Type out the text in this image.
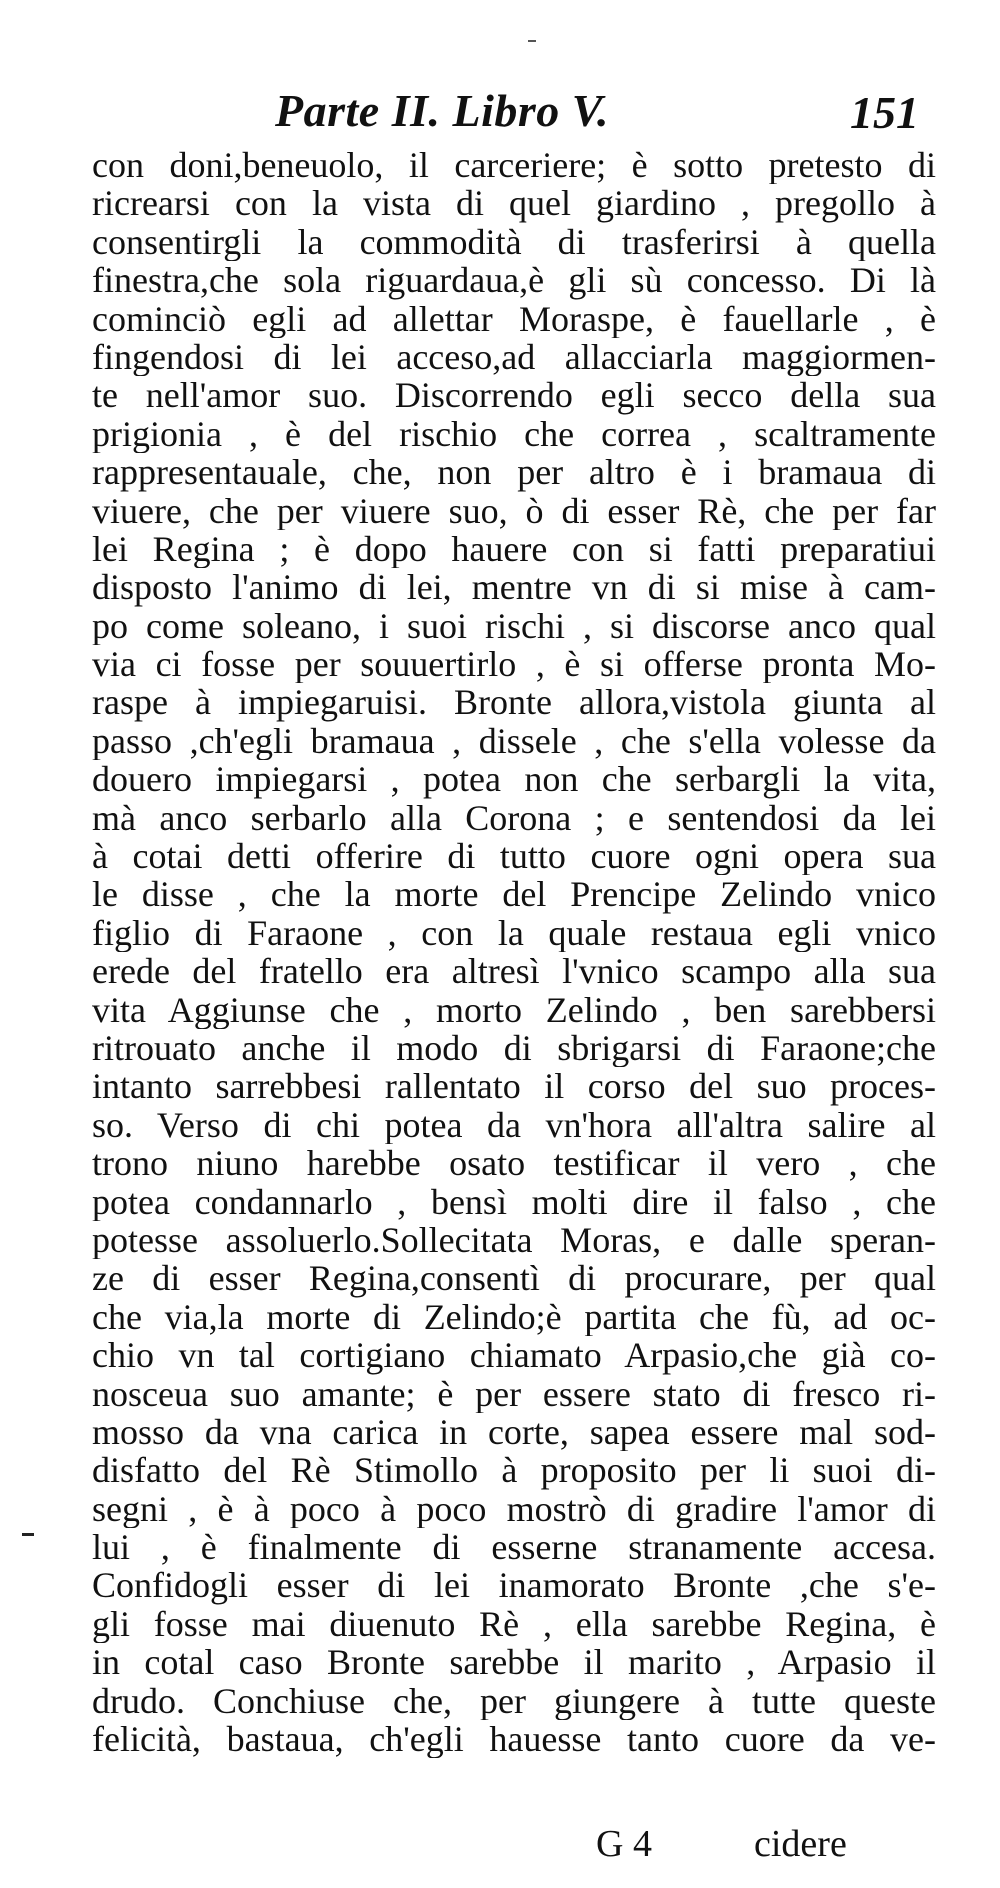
Parte II. Libro V.	151
con doni,beneuolo, il carceriere; è sotto pretesto di
ricrearsi con la vista di quel giardino , pregollo à
consentirgli la commodità di trasferirsi à quella
finestra,che sola riguardaua,è gli sù concesso. Di là
cominciò egli ad allettar Moraspe, è fauellarle , è
fingendosi di lei acceso,ad allacciarla maggiormen-
te nell'amor suo. Discorrendo egli secco della sua
prigionia , è del rischio che correa , scaltramente
rappresentauale, che, non per altro è i bramaua di
viuere, che per viuere suo, ò di esser Rè, che per far
lei Regina ; è dopo hauere con si fatti preparatiui
disposto l'animo di lei, mentre vn di si mise à cam-
po come soleano, i suoi rischi , si discorse anco qual
via ci fosse per souuertirlo , è si offerse pronta Mo-
raspe à impiegaruisi. Bronte allora,vistola giunta al
passo ,ch'egli bramaua , dissele , che s'ella volesse da
douero impiegarsi , potea non che serbargli la vita,
mà anco serbarlo alla Corona ; e sentendosi da lei
à cotai detti offerire di tutto cuore ogni opera sua
le disse , che la morte del Prencipe Zelindo vnico
figlio di Faraone , con la quale restaua egli vnico
erede del fratello era altresì l'vnico scampo alla sua
vita Aggiunse che , morto Zelindo , ben sarebbersi
ritrouato anche il modo di sbrigarsi di Faraone;che
intanto sarrebbesi rallentato il corso del suo proces-
so. Verso di chi potea da vn'hora all'altra salire al
trono niuno harebbe osato testificar il vero , che
potea condannarlo , bensì molti dire il falso , che
potesse assoluerlo.Sollecitata Moras, e dalle speran-
ze di esser Regina,consentì di procurare, per qual
che via,la morte di Zelindo;è partita che fù, ad oc-
chio vn tal cortigiano chiamato Arpasio,che già co-
nosceua suo amante; è per essere stato di fresco ri-
mosso da vna carica in corte, sapea essere mal sod-
disfatto del Rè Stimollo à proposito per li suoi di-
segni , è à poco à poco mostrò di gradire l'amor di
lui , è finalmente di esserne stranamente accesa.
Confidogli esser di lei inamorato Bronte ,che s'e-
gli fosse mai diuenuto Rè , ella sarebbe Regina, è
in cotal caso Bronte sarebbe il marito , Arpasio il
drudo. Conchiuse che, per giungere à tutte queste
felicità, bastaua, ch'egli hauesse tanto cuore da ve-
G 4	cidere
